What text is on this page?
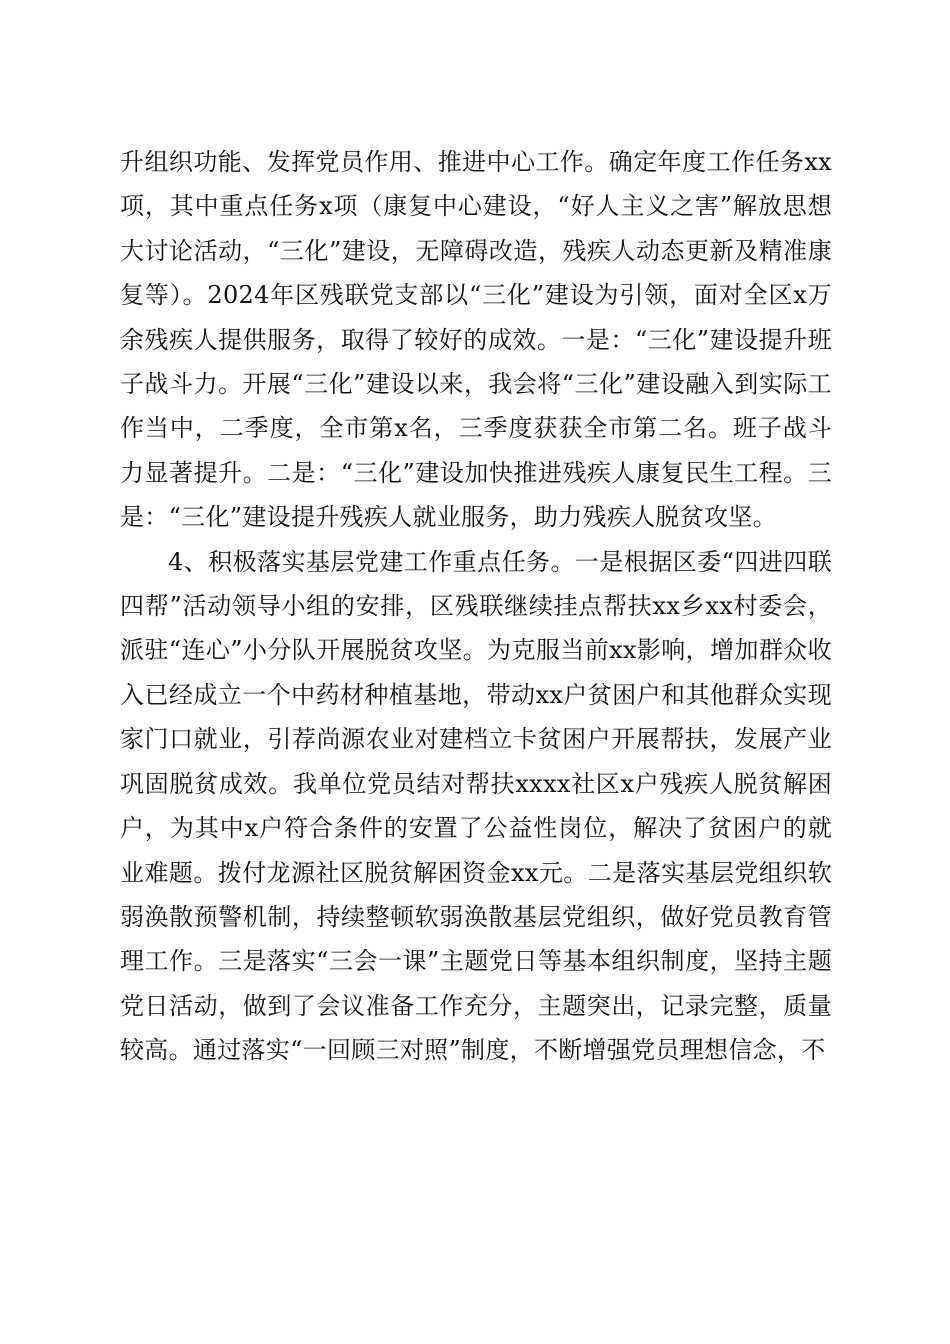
升组织功能、发挥党员作用、推进中心工作。确定年度工作任务xx项，其中重点任务x项（康复中心建设，“好人主义之害”解放思想大讨论活动，“三化”建设，无障碍改造，残疾人动态更新及精准康复等）。2024年区残联党支部以“三化”建设为引领，面对全区x万余残疾人提供服务，取得了较好的成效。一是：“三化”建设提升班子战斗力。开展“三化”建设以来，我会将“三化”建设融入到实际工作当中，二季度，全市第x名，三季度获获全市第二名。班子战斗力显著提升。二是：“三化”建设加快推进残疾人康复民生工程。三是：“三化”建设提升残疾人就业服务，助力残疾人脱贫攻坚。

4、积极落实基层党建工作重点任务。一是根据区委“四进四联四帮”活动领导小组的安排，区残联继续挂点帮扶xx乡xx村委会，派驻“连心”小分队开展脱贫攻坚。为克服当前xx影响，增加群众收入已经成立一个中药材种植基地，带动xx户贫困户和其他群众实现家门口就业，引荐尚源农业对建档立卡贫困户开展帮扶，发展产业巩固脱贫成效。我单位党员结对帮扶xxxx社区x户残疾人脱贫解困户，为其中x户符合条件的安置了公益性岗位，解决了贫困户的就业难题。拨付龙源社区脱贫解困资金xx元。二是落实基层党组织软弱涣散预警机制，持续整顿软弱涣散基层党组织，做好党员教育管理工作。三是落实“三会一课”主题党日等基本组织制度，坚持主题党日活动，做到了会议准备工作充分，主题突出，记录完整，质量较高。通过落实“一回顾三对照”制度，不断增强党员理想信念，不
